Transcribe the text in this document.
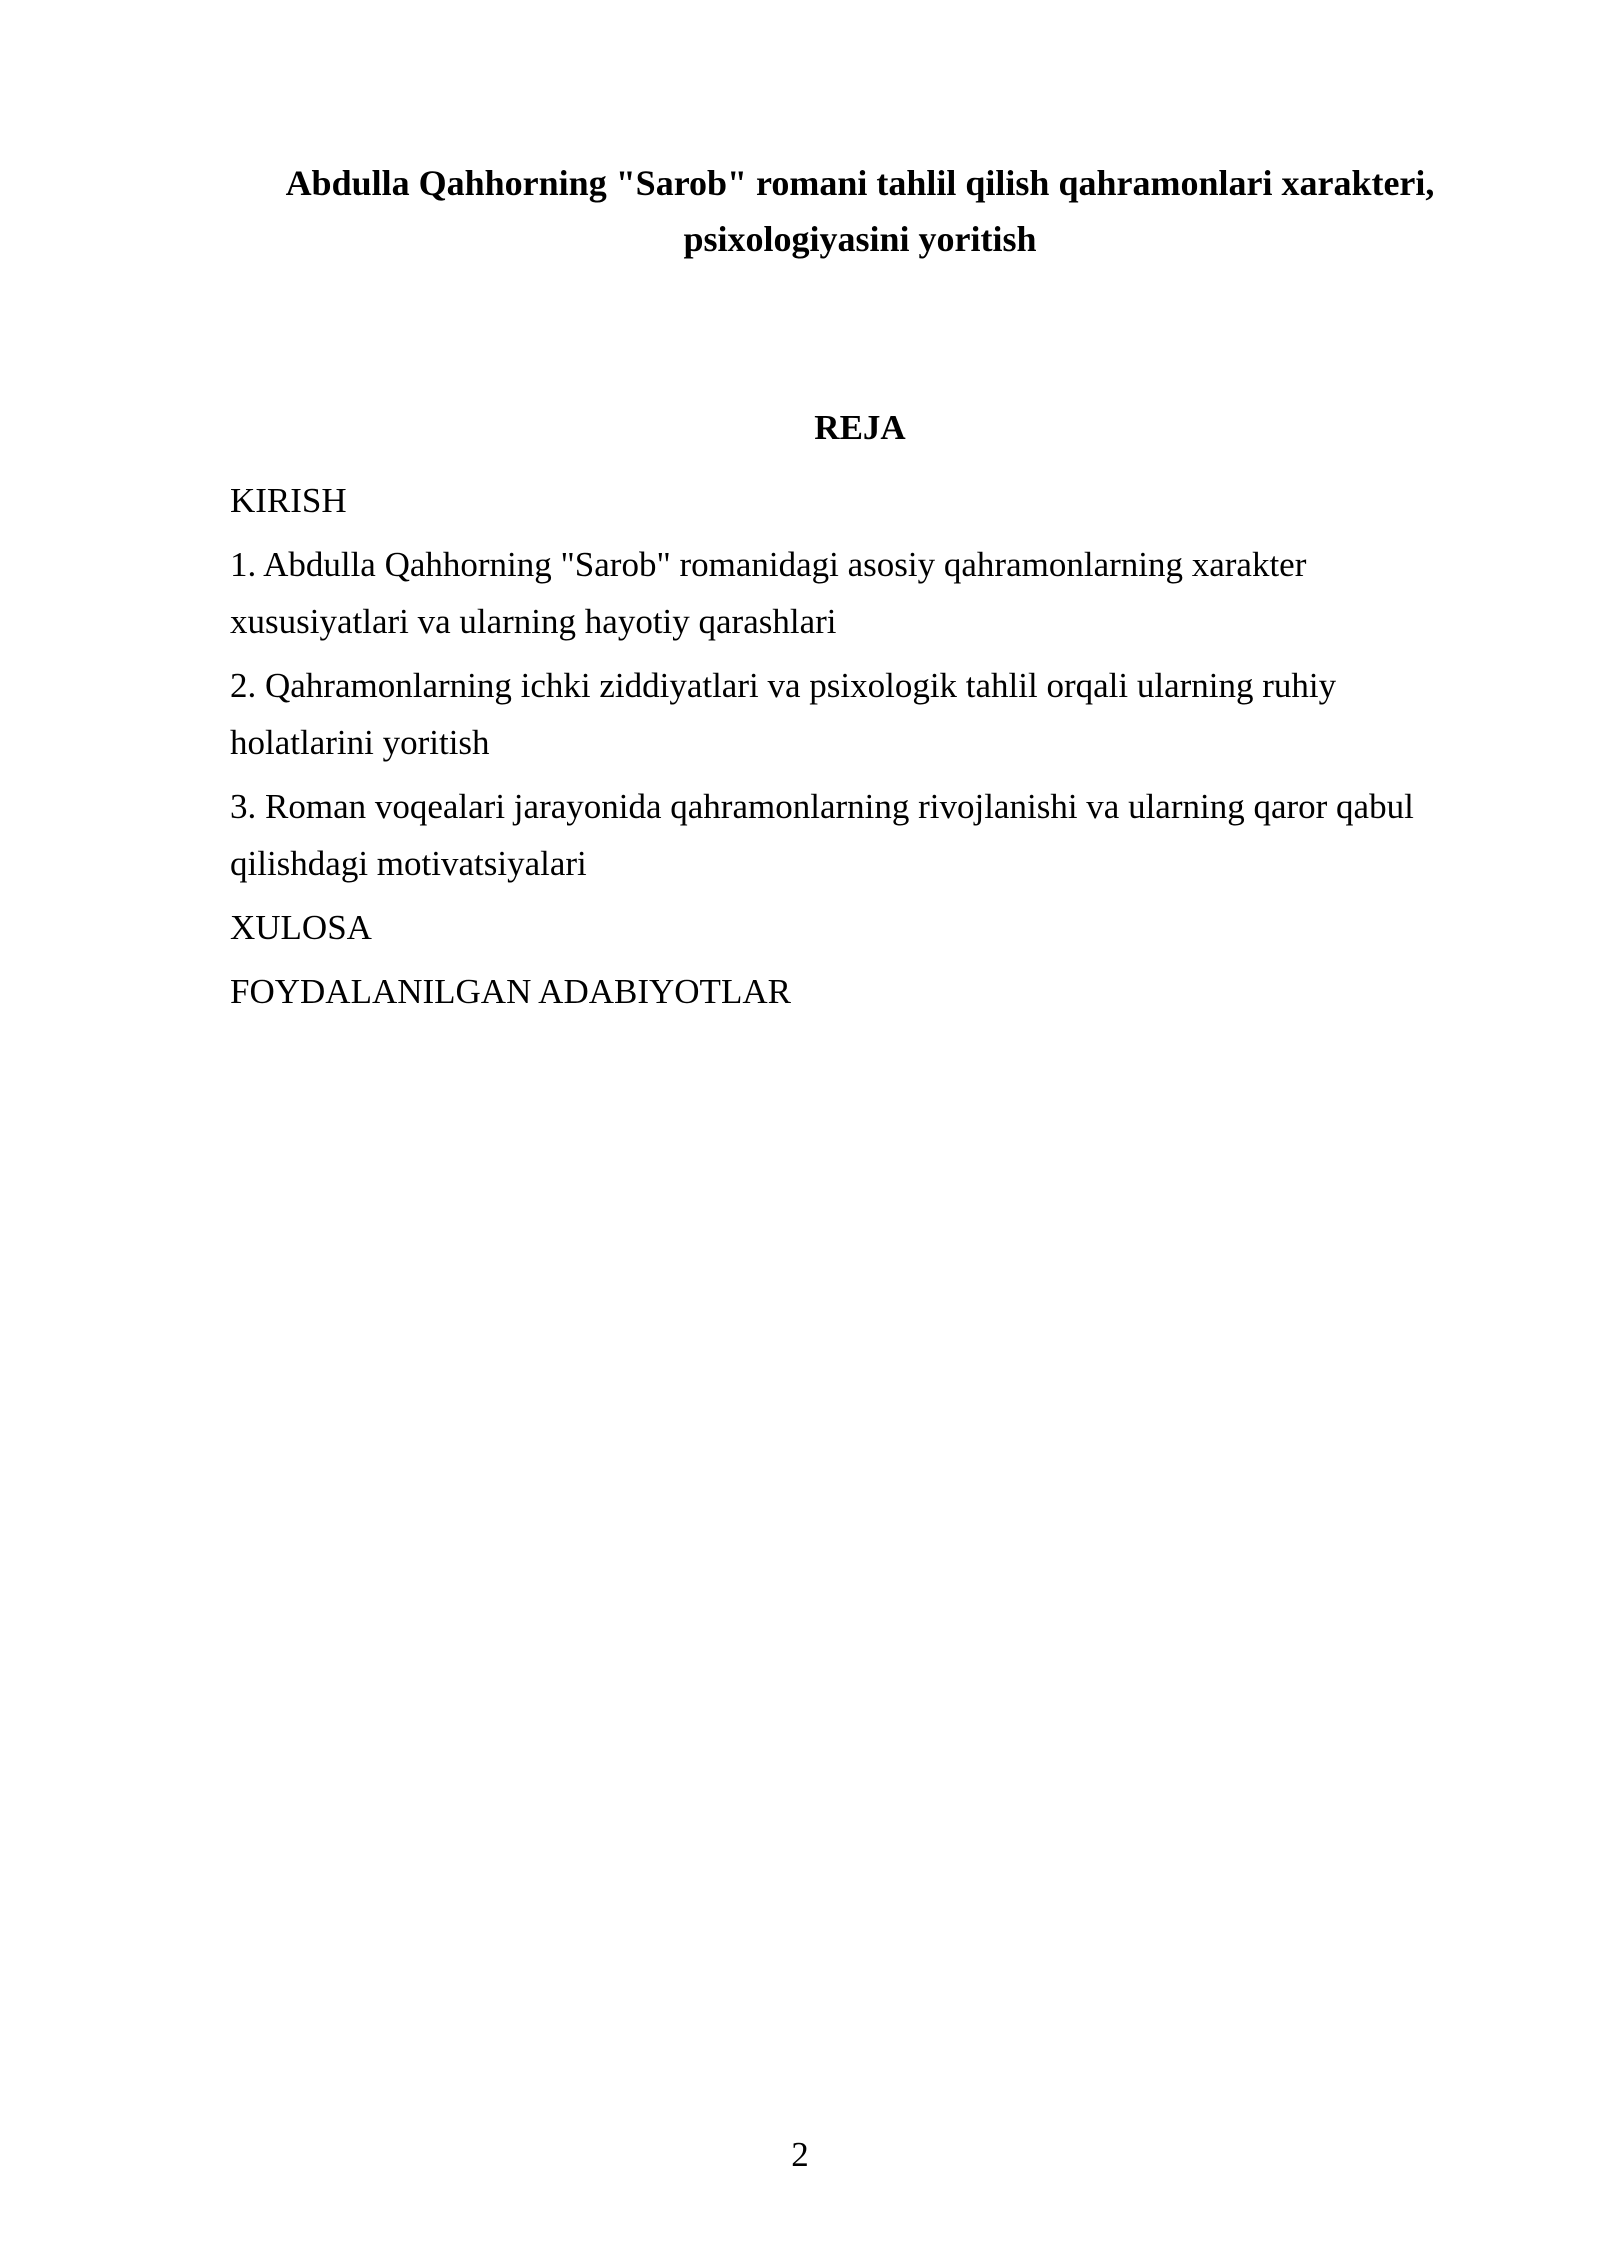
Abdulla Qahhorning "Sarob" romani tahlil qilish qahramonlari xarakteri, psixologiyasini yoritish
REJA

KIRISH

1. Abdulla Qahhorning "Sarob" romanidagi asosiy qahramonlarning xarakter xususiyatlari va ularning hayotiy qarashlari

2. Qahramonlarning ichki ziddiyatlari va psixologik tahlil orqali ularning ruhiy holatlarini yoritish

3. Roman voqealari jarayonida qahramonlarning rivojlanishi va ularning qaror qabul qilishdagi motivatsiyalari

XULOSA

FOYDALANILGAN ADABIYOTLAR

2
